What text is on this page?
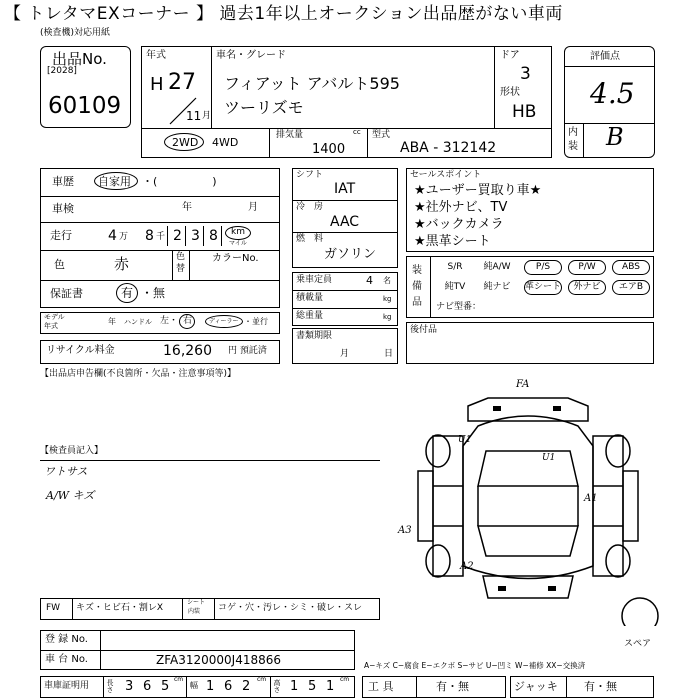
【 トレタマEXコーナー 】 過去1年以上オークション出品歴がない車両
(検査機)対応用紙
出品No.
[2028]
60109
年式
H 27
11 月
車名・グレード
フィアット アバルト595
ツーリズモ
ドア
3
形状
HB
2WD 4WD
排気量	cc
1400
型式
ABA - 312142
評価点
4.5
内
装 B
車歴 自家用 ・(　　　　　)
車検	年	月
走行	4 万 8 千 2 3 8 km
マイル
色	赤	色
替
カラーNo.
保証書	有 ・無
モデル
年式	年 ハンドル 左・ 右	ディーラー ・並行
リサイクル料金	16,260 円 預託済
シフト
IAT
冷　房
AAC
燃　料
ガソリン
乗車定員	4 名
積載量	kg
総重量	kg
書類期限
月	日
セールスポイント
★ユーザー買取り車★
★社外ナビ、TV
★バックカメラ
★黒革シート
装
備
品
S/R	純A/W	P/S	P/W	ABS
純TV	純ナビ	革シート	外ナビ	エアB
ナビ型番：
後付品
【出品店申告欄(不良箇所・欠品・注意事項等)】
【検査員記入】
ワトサス
A/W キズ
FA
U1
U1
A1
A3
A2
スペア
FW キズ・ヒビ石・割レX
シート
内装 コゲ・穴・汚レ・シミ・破レ・スレ
登 録 No.
車 台 No.	ZFA3120000J418866	A−キズ C−腐食 E−エクボ S−サビ U−凹ミ W−補修 XX−交換済
車庫証明用 長さ 3 6 5 cm
幅 1 6 2 cm 高さ 1 5 1 cm
工 具	有・無	ジャッキ 有・無
